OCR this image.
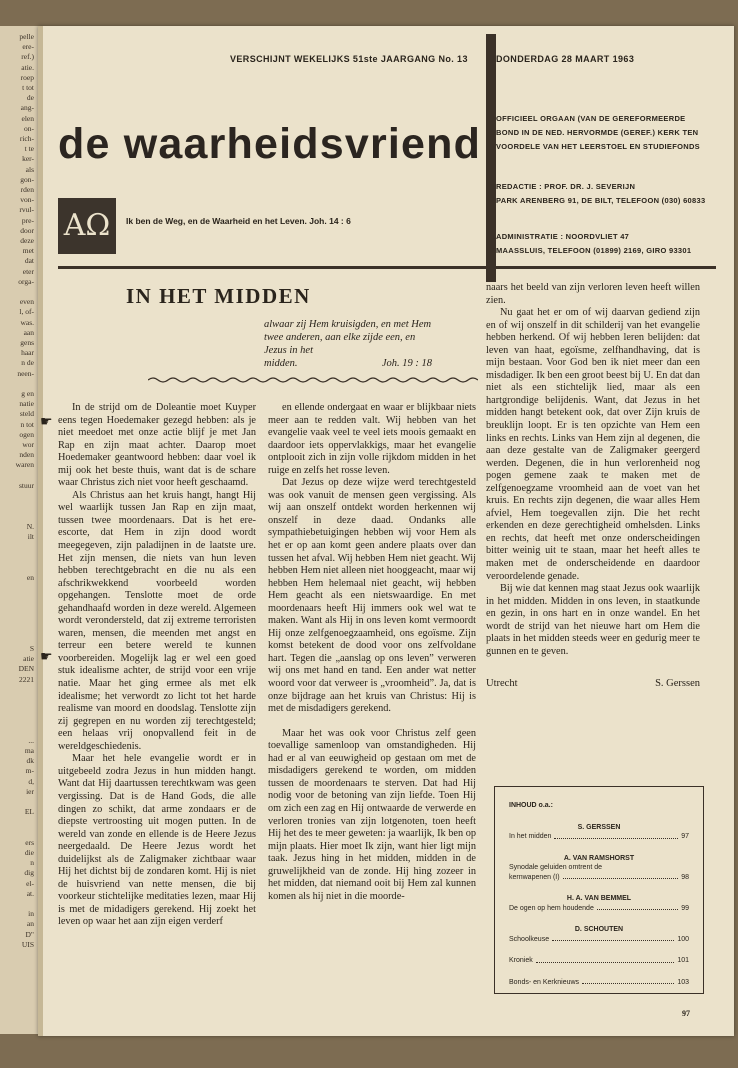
pelle
ere-
ref.)
atie.
roep
t tot
de
ang-
elen
on-
rich-
t te
ker-
als
gon-
rden
von-
rvul-
pre-
door
deze
met
dat
eter
orga-
even
l, of-
was.
aan
gens
haar
n de
neen-
g en
natie
steld
n tot
ogen
wor
nden
waren
stuur
N.
ilt
en
S
atie
DEN
2221
...
ma
dk
m-
d,
ier
EL
ers
die
n
dig
el-
at.
in
an
D"
UIS
VERSCHIJNT WEKELIJKS 51ste JAARGANG No. 13	DONDERDAG 28 MAART 1963
de waarheidsvriend
AΩ	Ik ben de Weg, en de Waarheid en het Leven. Joh. 14 : 6
OFFICIEEL ORGAAN (VAN DE GEREFORMEERDE
BOND IN DE NED. HERVORMDE (GEREF.) KERK TEN
VOORDELE VAN HET LEERSTOEL EN STUDIEFONDS
REDACTIE : PROF. DR. J. SEVERIJN
PARK ARENBERG 91, DE BILT, TELEFOON (030) 60833
ADMINISTRATIE : NOORDVLIET 47
MAASSLUIS, TELEFOON (01899) 2169, GIRO 93301
IN HET MIDDEN
alwaar zij Hem kruisigden, en met Hem twee anderen, aan elke zijde een, en Jezus in het
midden.	Joh. 19 : 18
☛
☛

In de strijd om de Doleantie moet Kuyper eens tegen Hoedemaker gezegd hebben: als je niet meedoet met onze actie blijf je met Jan Rap en zijn maat achter. Daarop moet Hoedemaker geantwoord hebben: daar voel ik mij ook het beste thuis, want dat is de schare waar Christus zich niet voor heeft geschaamd.

Als Christus aan het kruis hangt, hangt Hij wel waarlijk tussen Jan Rap en zijn maat, tussen twee moordenaars. Dat is het ere-escorte, dat Hem in zijn dood wordt meegegeven, zijn paladijnen in de laatste ure. Het zijn mensen, die niets van hun leven hebben terechtgebracht en die nu als een afschrikwekkend voorbeeld worden opgehangen. Tenslotte moet de orde gehandhaafd worden in deze wereld. Algemeen wordt verondersteld, dat zij extreme terroristen waren, mensen, die meenden met angst en terreur een betere wereld te kunnen voorbereiden. Mogelijk lag er wel een goed stuk idealisme achter, de strijd voor een vrije natie. Maar het ging ermee als met elk idealisme; het verwordt zo licht tot het harde realisme van moord en doodslag. Tenslotte zijn zij gegrepen en nu worden zij terechtgesteld; een helaas vrij onopvallend feit in de wereldgeschiedenis.

Maar het hele evangelie wordt er in uitgebeeld zodra Jezus in hun midden hangt. Want dat Hij daartussen terechtkwam was geen vergissing. Dat is de Hand Gods, die alle dingen zo schikt, dat arme zondaars er de diepste vertroosting uit mogen putten. In de wereld van zonde en ellende is de Heere Jezus neergedaald. De Heere Jezus wordt het duidelijkst als de Zaligmaker zichtbaar waar Hij het dichtst bij de zondaren komt. Hij is niet de huisvriend van nette mensen, die bij voorkeur stichtelijke meditaties lezen, maar Hij is met de midadigers gerekend. Hij zoekt het leven op waar het aan zijn eigen verderf

en ellende ondergaat en waar er blijkbaar niets meer aan te redden valt. Wij hebben van het evangelie vaak veel te veel iets moois gemaakt en daardoor iets oppervlakkigs, maar het evangelie ontplooit zich in zijn volle rijkdom midden in het ruige en zelfs het rosse leven.

Dat Jezus op deze wijze werd terechtgesteld was ook vanuit de mensen geen vergissing. Als wij aan onszelf ontdekt worden herkennen wij onszelf in deze daad. Ondanks alle sympathiebetuigingen hebben wij voor Hem als het er op aan komt geen andere plaats over dan tussen het afval. Wij hebben Hem niet geacht. Wij hebben Hem niet alleen niet hooggeacht, maar wij hebben Hem helemaal niet geacht, wij hebben Hem geacht als een nietswaardige. En met moordenaars heeft Hij immers ook wel wat te maken. Want als Hij in ons leven komt vermoordt Hij onze zelfgenoegzaamheid, ons egoïsme. Zijn komst betekent de dood voor ons zelfvoldane hart. Tegen die „aanslag op ons leven” verweren wij ons met hand en tand. Een ander wat netter woord voor dat verweer is „vroomheid”. Ja, dat is onze bijdrage aan het kruis van Christus: Hij is met de misdadigers gerekend.

Maar het was ook voor Christus zelf geen toevallige samenloop van omstandigheden. Hij had er al van eeuwigheid op gestaan om met de misdadigers gerekend te worden, om midden tussen de moordenaars te sterven. Dat had Hij nodig voor de betoning van zijn liefde. Toen Hij om zich een zag en Hij ontwaarde de verwerde en verloren tronies van zijn lotgenoten, toen heeft Hij het des te meer geweten: ja waarlijk, Ik ben op mijn plaats. Hier moet Ik zijn, want hier ligt mijn taak. Jezus hing in het midden, midden in de gruwelijkheid van de zonde. Hij hing zozeer in het midden, dat niemand ooit bij Hem zal kunnen komen als hij niet in die moorde-

naars het beeld van zijn verloren leven heeft willen zien.

Nu gaat het er om of wij daarvan gediend zijn en of wij onszelf in dit schilderij van het evangelie hebben herkend. Of wij hebben leren belijden: dat leven van haat, egoïsme, zelfhandhaving, dat is mijn bestaan. Voor God ben ik niet meer dan een misdadiger. Ik ben een groot beest bij U. En dat dan niet als een stichtelijk lied, maar als een hartgrondige belijdenis. Want, dat Jezus in het midden hangt betekent ook, dat over Zijn kruis de breuklijn loopt. Er is ten opzichte van Hem een links en rechts. Links van Hem zijn al degenen, die aan deze gestalte van de Zaligmaker geergerd werden. Degenen, die in hun verlorenheid nog pogen gemene zaak te maken met de zelfgenoegzame vroomheid aan de voet van het kruis. En rechts zijn degenen, die waar alles Hem afviel, Hem toegevallen zijn. Die het recht erkenden en deze gerechtigheid omhelsden. Links en rechts, dat heeft met onze onderscheidingen bitter weinig uit te staan, maar het heeft alles te maken met de onderscheidende en daardoor veroordelende genade.

Bij wie dat kennen mag staat Jezus ook waarlijk in het midden. Midden in ons leven, in staatkunde en gezin, in ons hart en in onze wandel. En het wordt de strijd van het nieuwe hart om Hem die plaats in het midden steeds weer en gedurig meer te gunnen en te geven.

Utrecht	S. Gerssen
INHOUD o.a.:
S. GERSSEN
In het midden	97
A. VAN RAMSHORST
Synodale geluiden omtrent de
kernwapenen (I)	98
H. A. VAN BEMMEL
De ogen op hem houdende	99
D. SCHOUTEN
Schoolkeuse	100
Kroniek	101
Bonds- en Kerknieuws	103
97
